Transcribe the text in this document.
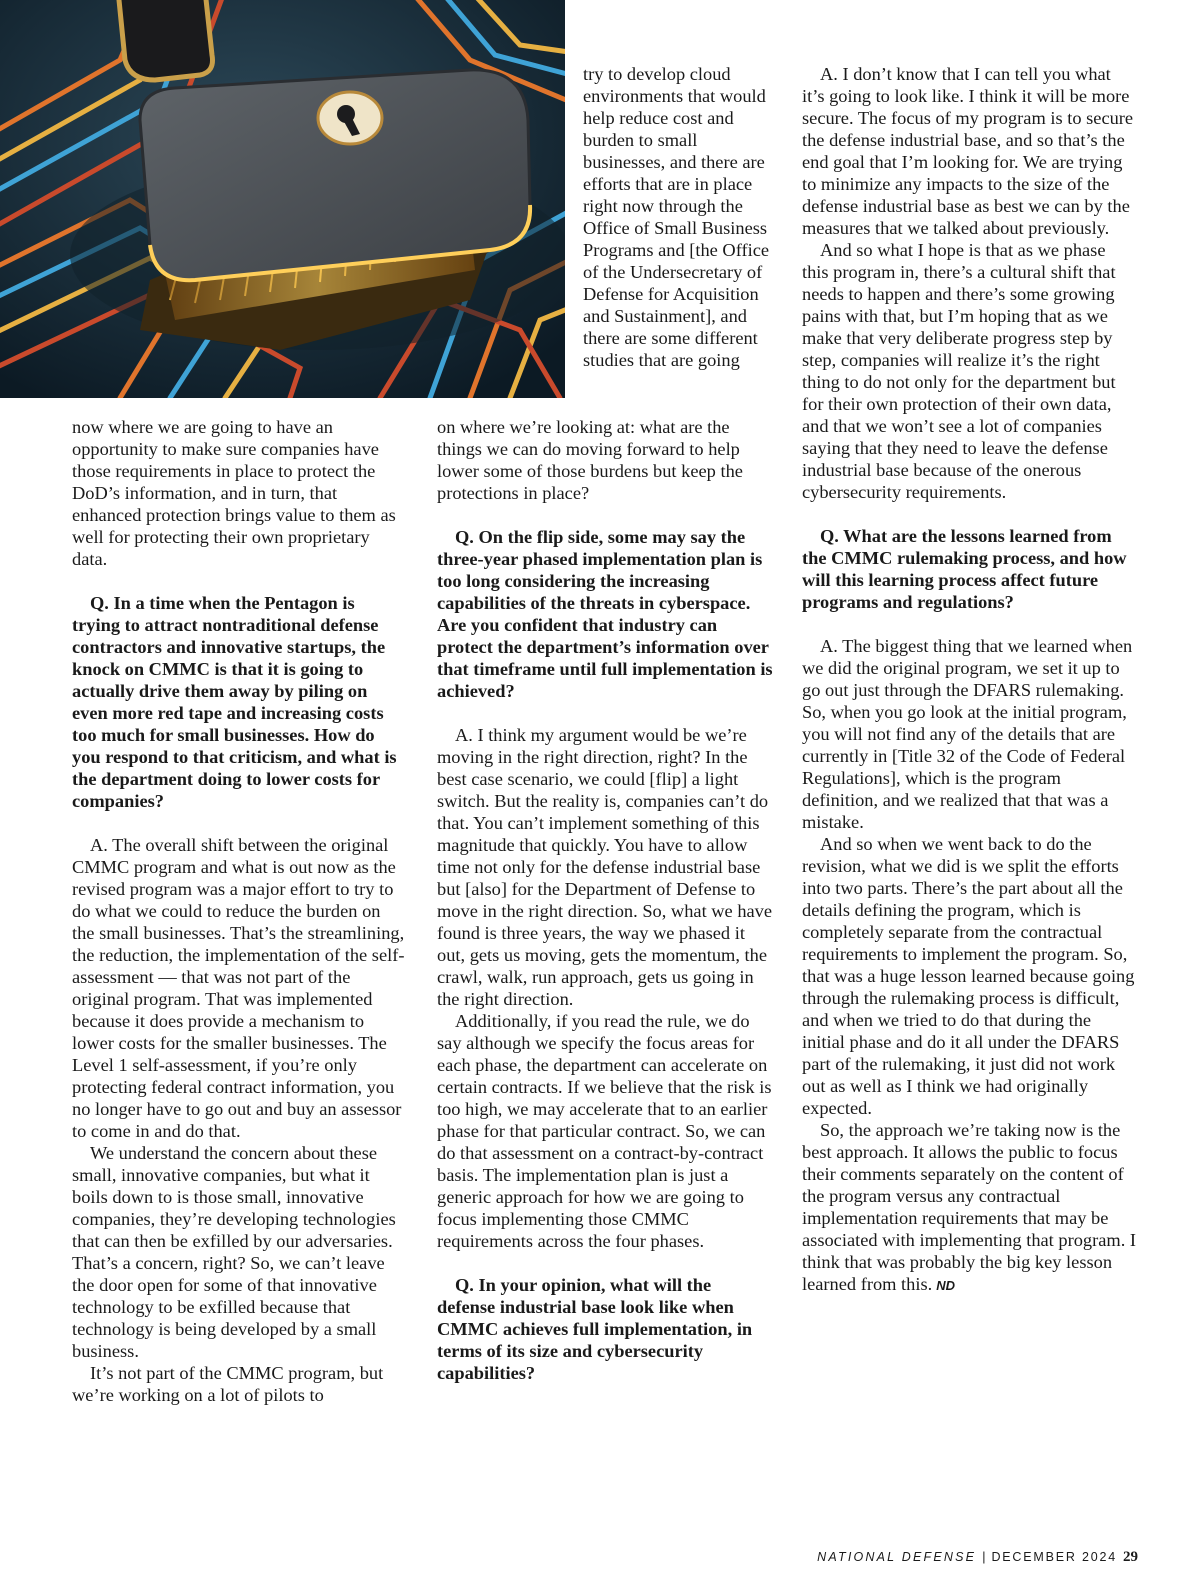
try to develop cloud environments that would help reduce cost and burden to small businesses, and there are efforts that are in place right now through the Office of Small Business Programs and [the Office of the Undersecretary of Defense for Acquisition and Sustainment], and there are some different studies that are going

now where we are going to have an opportunity to make sure companies have those requirements in place to protect the DoD’s information, and in turn, that enhanced protection brings value to them as well for protecting their own proprietary data.

Q. In a time when the Pentagon is trying to attract nontraditional defense contractors and innovative startups, the knock on CMMC is that it is going to actually drive them away by piling on even more red tape and increasing costs too much for small businesses. How do you respond to that criticism, and what is the department doing to lower costs for companies?

A. The overall shift between the original CMMC program and what is out now as the revised program was a major effort to try to do what we could to reduce the burden on the small businesses. That’s the streamlining, the reduction, the implementation of the self-assessment — that was not part of the original program. That was implemented because it does provide a mechanism to lower costs for the smaller businesses. The Level 1 self-assessment, if you’re only protecting federal contract information, you no longer have to go out and buy an assessor to come in and do that.

We understand the concern about these small, innovative companies, but what it boils down to is those small, innovative companies, they’re developing technologies that can then be exfilled by our adversaries. That’s a concern, right? So, we can’t leave the door open for some of that innovative technology to be exfilled because that technology is being developed by a small business.

It’s not part of the CMMC program, but we’re working on a lot of pilots to

on where we’re looking at: what are the things we can do moving forward to help lower some of those burdens but keep the protections in place?

Q. On the flip side, some may say the three-year phased implementation plan is too long considering the increasing capabilities of the threats in cyberspace. Are you confident that industry can protect the department’s information over that timeframe until full implementation is achieved?

A. I think my argument would be we’re moving in the right direction, right? In the best case scenario, we could [flip] a light switch. But the reality is, companies can’t do that. You can’t implement something of this magnitude that quickly. You have to allow time not only for the defense industrial base but [also] for the Department of Defense to move in the right direction. So, what we have found is three years, the way we phased it out, gets us moving, gets the momentum, the crawl, walk, run approach, gets us going in the right direction.

Additionally, if you read the rule, we do say although we specify the focus areas for each phase, the department can accelerate on certain contracts. If we believe that the risk is too high, we may accelerate that to an earlier phase for that particular contract. So, we can do that assessment on a contract-by-contract basis. The implementation plan is just a generic approach for how we are going to focus implementing those CMMC requirements across the four phases.

Q. In your opinion, what will the defense industrial base look like when CMMC achieves full implementation, in terms of its size and cybersecurity capabilities?

A. I don’t know that I can tell you what it’s going to look like. I think it will be more secure. The focus of my program is to secure the defense industrial base, and so that’s the end goal that I’m looking for. We are trying to minimize any impacts to the size of the defense industrial base as best we can by the measures that we talked about previously.

And so what I hope is that as we phase this program in, there’s a cultural shift that needs to happen and there’s some growing pains with that, but I’m hoping that as we make that very deliberate progress step by step, companies will realize it’s the right thing to do not only for the department but for their own protection of their own data, and that we won’t see a lot of companies saying that they need to leave the defense industrial base because of the onerous cybersecurity requirements.

Q. What are the lessons learned from the CMMC rulemaking process, and how will this learning process affect future programs and regulations?

A. The biggest thing that we learned when we did the original program, we set it up to go out just through the DFARS rulemaking. So, when you go look at the initial program, you will not find any of the details that are currently in [Title 32 of the Code of Federal Regulations], which is the program definition, and we realized that that was a mistake.

And so when we went back to do the revision, what we did is we split the efforts into two parts. There’s the part about all the details defining the program, which is completely separate from the contractual requirements to implement the program. So, that was a huge lesson learned because going through the rulemaking process is difficult, and when we tried to do that during the initial phase and do it all under the DFARS part of the rulemaking, it just did not work out as well as I think we had originally expected.

So, the approach we’re taking now is the best approach. It allows the public to focus their comments separately on the content of the program versus any contractual implementation requirements that may be associated with implementing that program. I think that was probably the big key lesson learned from this. ND

NATIONAL DEFENSE | DECEMBER 2024 29
